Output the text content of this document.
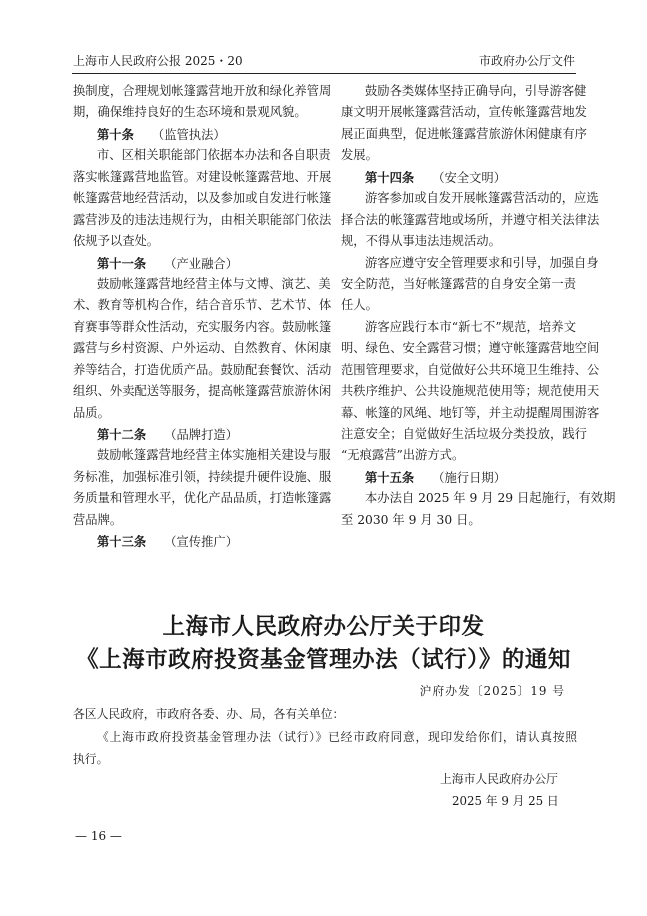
上海市人民政府公报 2025・20	市政府办公厅文件
换制度，合理规划帐篷露营地开放和绿化养管周
期，确保维持良好的生态环境和景观风貌。
第十条 （监管执法）
市、区相关职能部门依据本办法和各自职责
落实帐篷露营地监管。对建设帐篷露营地、开展
帐篷露营地经营活动，以及参加或自发进行帐篷
露营涉及的违法违规行为，由相关职能部门依法
依规予以查处。
第十一条 （产业融合）
鼓励帐篷露营地经营主体与文博、演艺、美
术、教育等机构合作，结合音乐节、艺术节、体
育赛事等群众性活动，充实服务内容。鼓励帐篷
露营与乡村资源、户外运动、自然教育、休闲康
养等结合，打造优质产品。鼓励配套餐饮、活动
组织、外卖配送等服务，提高帐篷露营旅游休闲
品质。
第十二条 （品牌打造）
鼓励帐篷露营地经营主体实施相关建设与服
务标准，加强标准引领，持续提升硬件设施、服
务质量和管理水平，优化产品品质，打造帐篷露
营品牌。
第十三条 （宣传推广）
鼓励各类媒体坚持正确导向，引导游客健
康文明开展帐篷露营活动，宣传帐篷露营地发
展正面典型，促进帐篷露营旅游休闲健康有序
发展。
第十四条 （安全文明）
游客参加或自发开展帐篷露营活动的，应选
择合法的帐篷露营地或场所，并遵守相关法律法
规，不得从事违法违规活动。
游客应遵守安全管理要求和引导，加强自身
安全防范，当好帐篷露营的自身安全第一责
任人。
游客应践行本市“新七不”规范，培养文
明、绿色、安全露营习惯；遵守帐篷露营地空间
范围管理要求，自觉做好公共环境卫生维持、公
共秩序维护、公共设施规范使用等；规范使用天
幕、帐篷的风绳、地钉等，并主动提醒周围游客
注意安全；自觉做好生活垃圾分类投放，践行
“无痕露营”出游方式。
第十五条 （施行日期）
本办法自 2025 年 9 月 29 日起施行，有效期
至 2030 年 9 月 30 日。
上海市人民政府办公厅关于印发
《上海市政府投资基金管理办法（试行）》的通知
沪府办发〔2025〕19 号
各区人民政府，市政府各委、办、局，各有关单位：
《上海市政府投资基金管理办法（试行）》已经市政府同意，现印发给你们，请认真按照
执行。
上海市人民政府办公厅
2025 年 9 月 25 日
— 16 —
